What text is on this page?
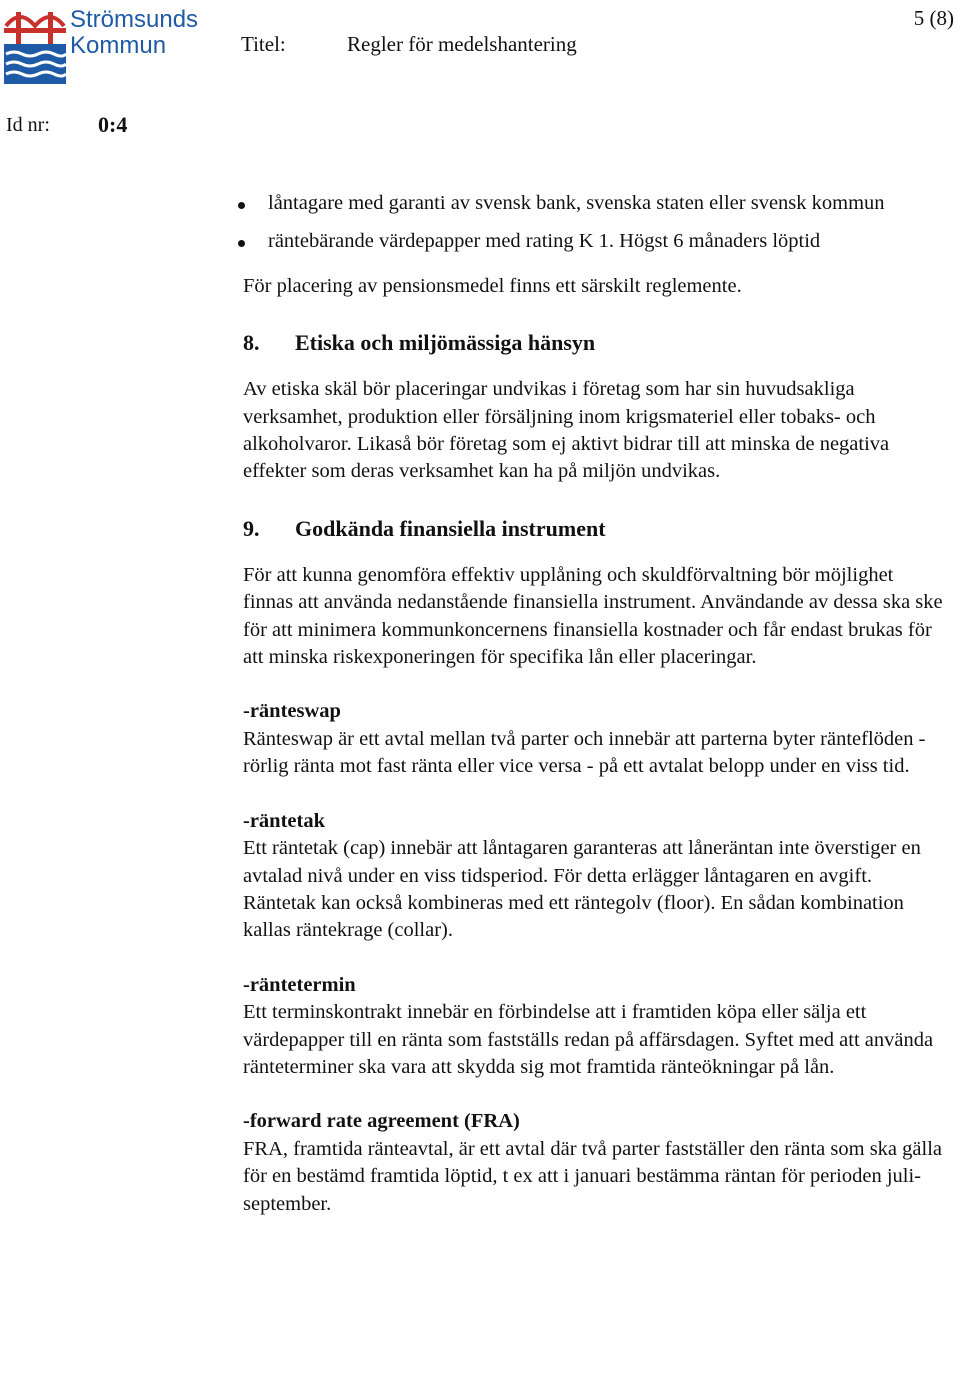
Strömsunds
Kommun	Titel:	Regler för medelshantering
5 (8)
Id nr: 0:4
låntagare med garanti av svensk bank, svenska staten eller svensk kommun
räntebärande värdepapper med rating K 1. Högst 6 månaders löptid

För placering av pensionsmedel finns ett särskilt reglemente.

8. Etiska och miljömässiga hänsyn

Av etiska skäl bör placeringar undvikas i företag som har sin huvudsakliga verksamhet, produktion eller försäljning inom krigsmateriel eller tobaks- och alkoholvaror. Likaså bör företag som ej aktivt bidrar till att minska de negativa effekter som deras verksamhet kan ha på miljön undvikas.

9. Godkända finansiella instrument

För att kunna genomföra effektiv upplåning och skuldförvaltning bör möjlighet finnas att använda nedanstående finansiella instrument. Användande av dessa ska ske för att minimera kommunkoncernens finansiella kostnader och får endast brukas för att minska riskexponeringen för specifika lån eller placeringar.

-ränteswap

Ränteswap är ett avtal mellan två parter och innebär att parterna byter ränteflöden - rörlig ränta mot fast ränta eller vice versa - på ett avtalat belopp under en viss tid.

-räntetak

Ett räntetak (cap) innebär att låntagaren garanteras att låneräntan inte överstiger en avtalad nivå under en viss tidsperiod. För detta erlägger låntagaren en avgift. Räntetak kan också kombineras med ett räntegolv (floor). En sådan kombination kallas räntekrage (collar).

-räntetermin

Ett terminskontrakt innebär en förbindelse att i framtiden köpa eller sälja ett värdepapper till en ränta som fastställs redan på affärsdagen. Syftet med att använda ränteterminer ska vara att skydda sig mot framtida ränteökningar på lån.

-forward rate agreement (FRA)

FRA, framtida ränteavtal, är ett avtal där två parter fastställer den ränta som ska gälla för en bestämd framtida löptid, t ex att i januari bestämma räntan för perioden juli-september.
